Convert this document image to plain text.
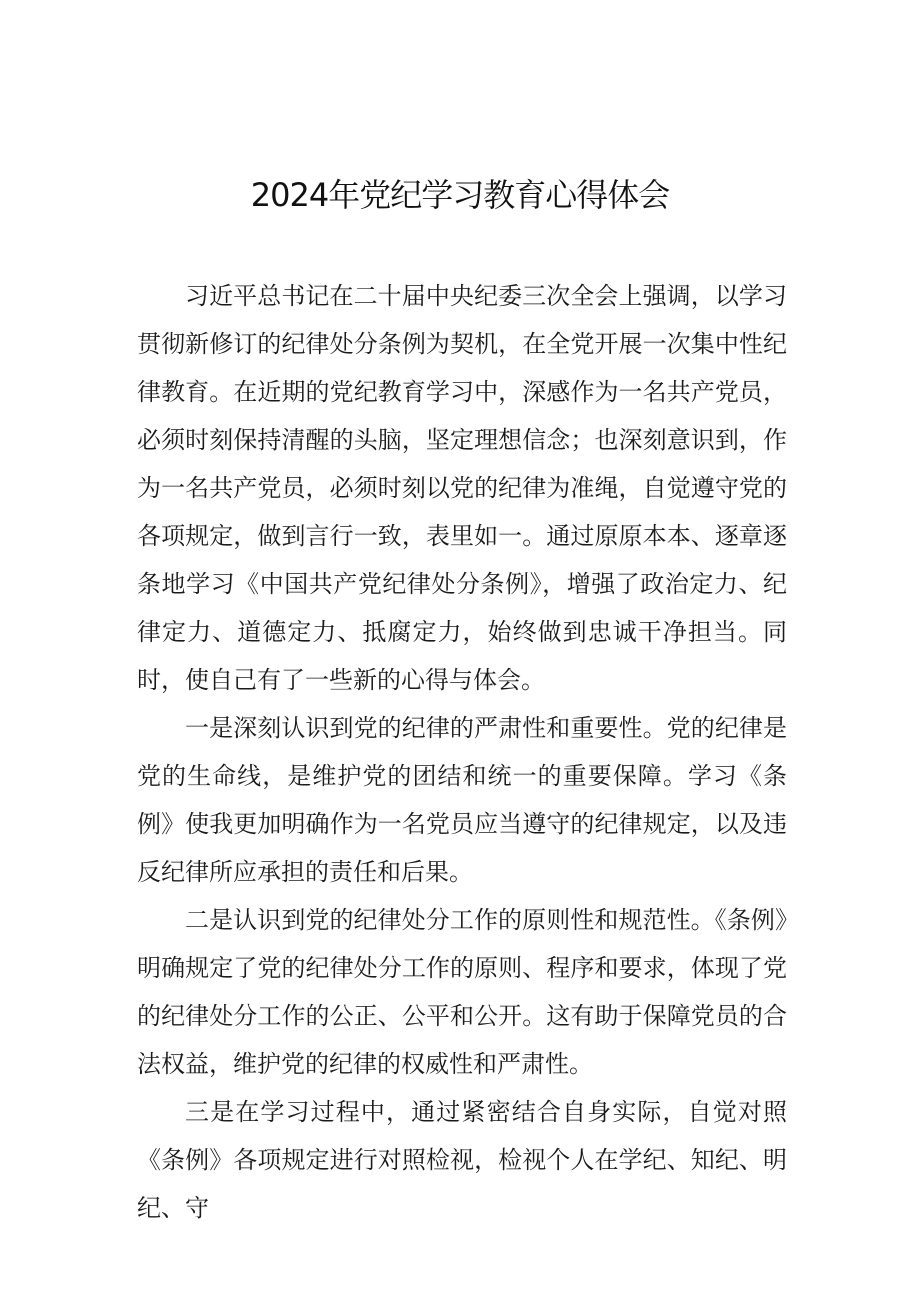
2024年党纪学习教育心得体会

习近平总书记在二十届中央纪委三次全会上强调，以学习贯彻新修订的纪律处分条例为契机，在全党开展一次集中性纪律教育。在近期的党纪教育学习中，深感作为一名共产党员，必须时刻保持清醒的头脑，坚定理想信念；也深刻意识到，作为一名共产党员，必须时刻以党的纪律为准绳，自觉遵守党的各项规定，做到言行一致，表里如一。通过原原本本、逐章逐条地学习《中国共产党纪律处分条例》，增强了政治定力、纪律定力、道德定力、抵腐定力，始终做到忠诚干净担当。同时，使自己有了一些新的心得与体会。

一是深刻认识到党的纪律的严肃性和重要性。党的纪律是党的生命线，是维护党的团结和统一的重要保障。学习《条例》使我更加明确作为一名党员应当遵守的纪律规定，以及违反纪律所应承担的责任和后果。

二是认识到党的纪律处分工作的原则性和规范性。《条例》明确规定了党的纪律处分工作的原则、程序和要求，体现了党的纪律处分工作的公正、公平和公开。这有助于保障党员的合法权益，维护党的纪律的权威性和严肃性。

三是在学习过程中，通过紧密结合自身实际，自觉对照《条例》各项规定进行对照检视，检视个人在学纪、知纪、明纪、守
